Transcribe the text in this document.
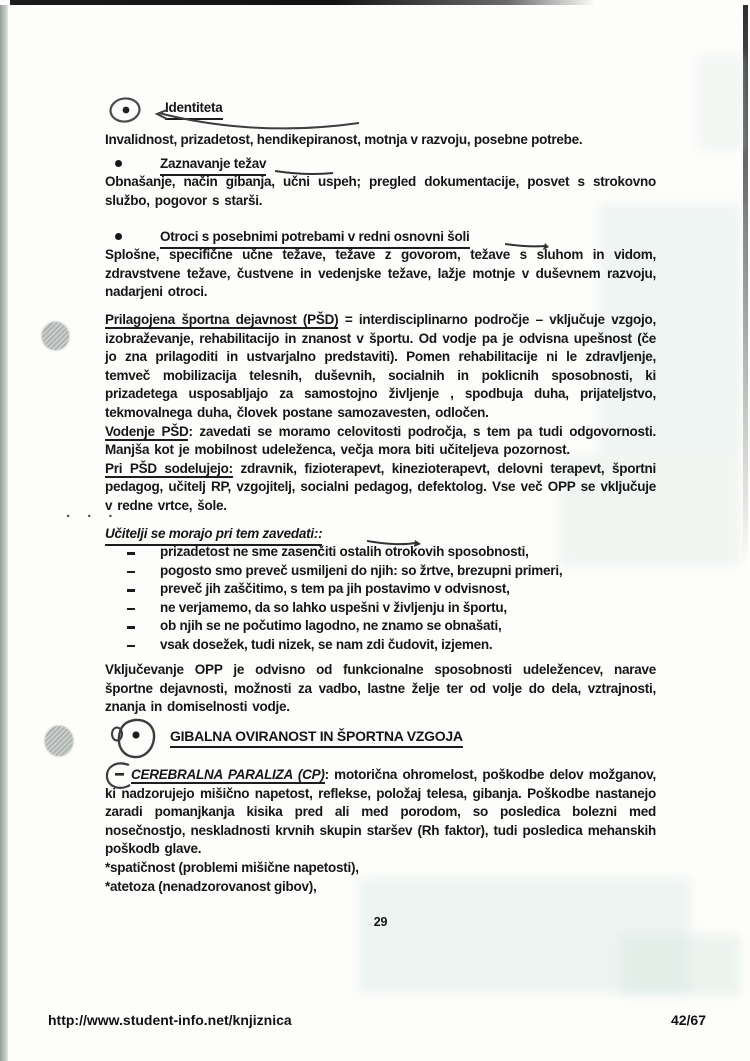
Identiteta

Invalidnost, prizadetost, hendikepiranost, motnja v razvoju, posebne potrebe.

Zaznavanje težav

Obnašanje, način gibanja, učni uspeh; pregled dokumentacije, posvet s strokovno službo, pogovor s starši.

Otroci s posebnimi potrebami v redni osnovni šoli

Splošne, specifične učne težave, težave z govorom, težave s sluhom in vidom, zdravstvene težave, čustvene in vedenjske težave, lažje motnje v duševnem razvoju, nadarjeni otroci.

Prilagojena športna dejavnost (PŠD) = interdisciplinarno področje – vključuje vzgojo, izobraževanje, rehabilitacijo in znanost v športu. Od vodje pa je odvisna upešnost (če jo zna prilagoditi in ustvarjalno predstaviti). Pomen rehabilitacije ni le zdravljenje, temveč mobilizacija telesnih, duševnih, socialnih in poklicnih sposobnosti, ki prizadetega usposabljajo za samostojno življenje , spodbuja duha, prijateljstvo, tekmovalnega duha, človek postane samozavesten, odločen.

Vodenje PŠD: zavedati se moramo celovitosti področja, s tem pa tudi odgovornosti. Manjša kot je mobilnost udeleženca, večja mora biti učiteljeva pozornost.

Pri PŠD sodelujejo: zdravnik, fizioterapevt, kinezioterapevt, delovni terapevt, športni pedagog, učitelj RP, vzgojitelj, socialni pedagog, defektolog. Vse več OPP se vključuje v redne vrtce, šole.

Učitelji se morajo pri tem zavedati::
prizadetost ne sme zasenčiti ostalih otrokovih sposobnosti,
pogosto smo preveč usmiljeni do njih: so žrtve, brezupni primeri,
preveč jih zaščitimo, s tem pa jih postavimo v odvisnost,
ne verjamemo, da so lahko uspešni v življenju in športu,
ob njih se ne počutimo lagodno, ne znamo se obnašati,
vsak dosežek, tudi nizek, se nam zdi čudovit, izjemen.

Vključevanje OPP je odvisno od funkcionalne sposobnosti udeležencev, narave športne dejavnosti, možnosti za vadbo, lastne želje ter od volje do dela, vztrajnosti, znanja in domiselnosti vodje.

GIBALNA OVIRANOST IN ŠPORTNA VZGOJA

CEREBRALNA PARALIZA (CP): motorična ohromelost, poškodbe delov možganov, ki nadzorujejo mišično napetost, reflekse, položaj telesa, gibanja. Poškodbe nastanejo zaradi pomanjkanja kisika pred ali med porodom, so posledica bolezni med nosečnostjo, neskladnosti krvnih skupin staršev (Rh faktor), tudi posledica mehanskih poškodb glave.

*spatičnost (problemi mišične napetosti),
*atetoza (nenadzorovanost gibov),
29
· · ·
http://www.student-info.net/knjiznica	42/67
